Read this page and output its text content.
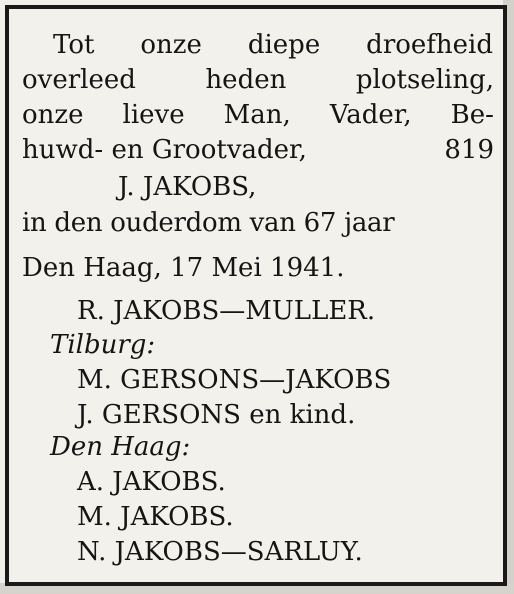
Tot onze diepe droefheid
overleed	heden	plotseling,
onze lieve Man, Vader, Be-
huwd- en Grootvader,	819
J. JAKOBS,
in den ouderdom van 67 jaar
Den Haag, 17 Mei 1941.
R. JAKOBS—MULLER.
Tilburg:
M. GERSONS—JAKOBS
J. GERSONS en kind.
Den Haag:
A. JAKOBS.
M. JAKOBS.
N. JAKOBS—SARLUY.
